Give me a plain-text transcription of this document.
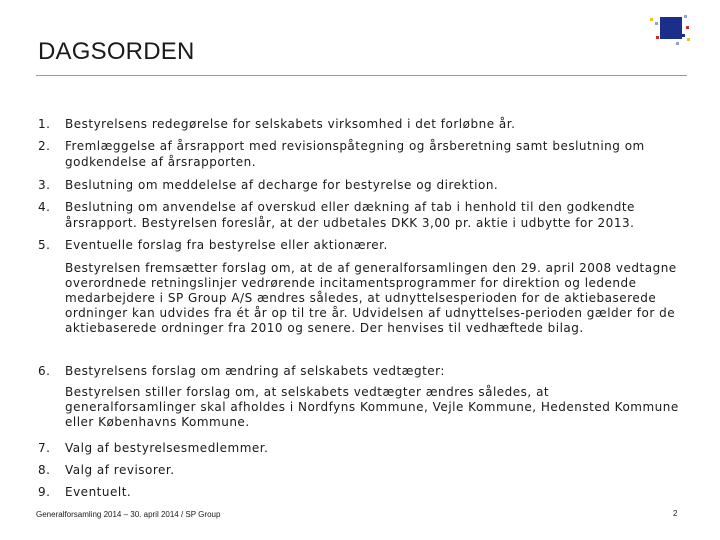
DAGSORDEN
1. Bestyrelsens redegørelse for selskabets virksomhed i det forløbne år.
2. Fremlæggelse af årsrapport med revisionspåtegning og årsberetning samt beslutning om godkendelse af årsrapporten.
3. Beslutning om meddelelse af decharge for bestyrelse og direktion.
4. Beslutning om anvendelse af overskud eller dækning af tab i henhold til den godkendte årsrapport. Bestyrelsen foreslår, at der udbetales DKK 3,00 pr. aktie i udbytte for 2013.
5. Eventuelle forslag fra bestyrelse eller aktionærer.
6. Bestyrelsens forslag om ændring af selskabets vedtægter:
7. Valg af bestyrelsesmedlemmer.
8. Valg af revisorer.
9. Eventuelt.
Bestyrelsen fremsætter forslag om, at de af generalforsamlingen den 29. april 2008 vedtagne overordnede retningslinjer vedrørende incitamentsprogrammer for direktion og ledende medarbejdere i SP Group A/S ændres således, at udnyttelsesperioden for de aktiebaserede ordninger kan udvides fra ét år op til tre år. Udvidelsen af udnyttelses-perioden gælder for de aktiebaserede ordninger fra 2010 og senere. Der henvises til vedhæftede bilag.
Bestyrelsen stiller forslag om, at selskabets vedtægter ændres således, at generalforsamlinger skal afholdes i Nordfyns Kommune, Vejle Kommune, Hedensted Kommune eller Københavns Kommune.
Generalforsamling 2014 – 30. april 2014 / SP Group	2
